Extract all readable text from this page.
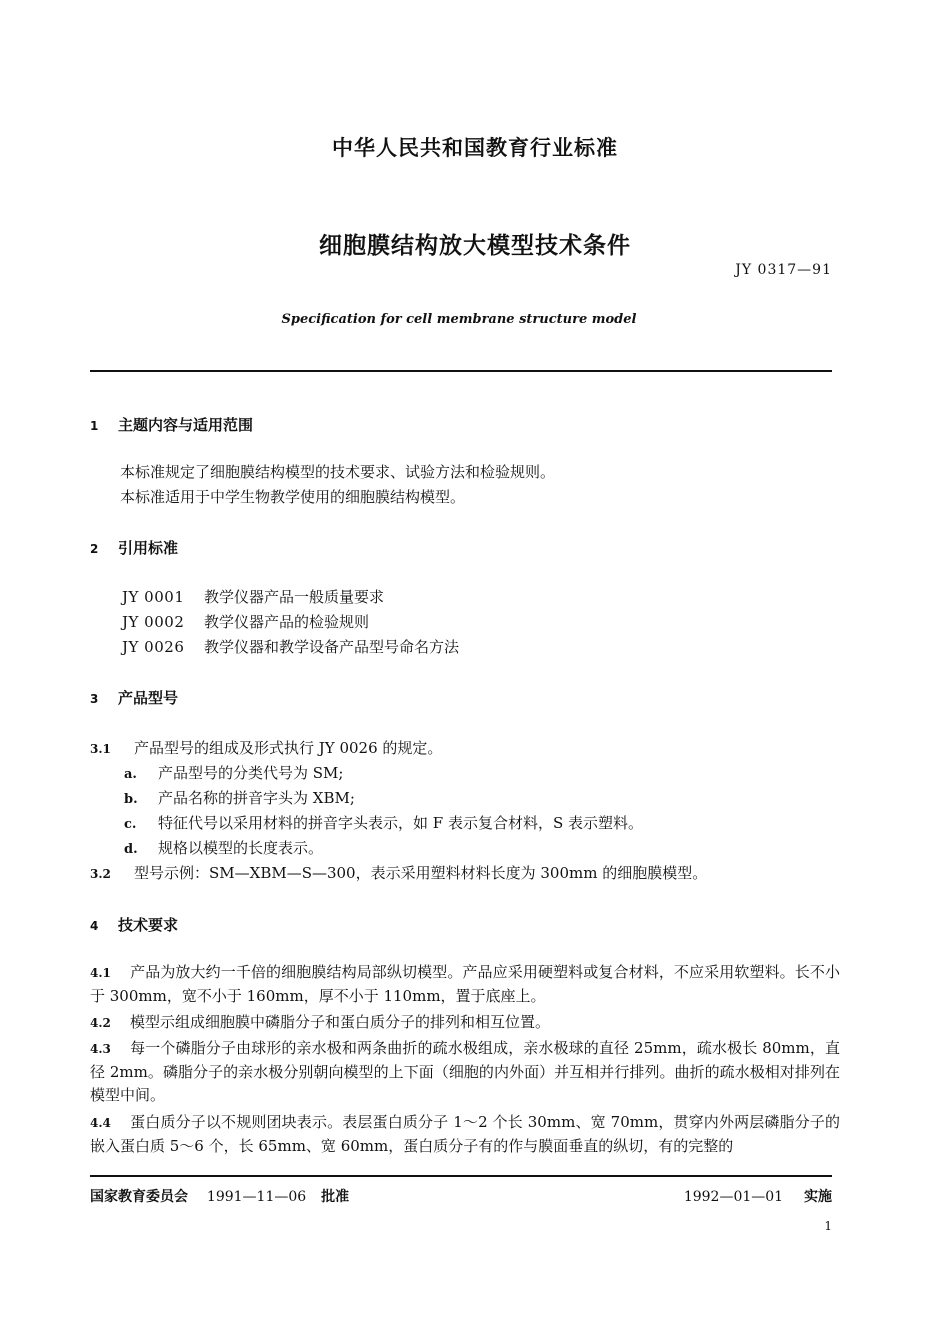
中华人民共和国教育行业标准
细胞膜结构放大模型技术条件
JY 0317—91
Specification for cell membrane structure model
1 主题内容与适用范围
本标准规定了细胞膜结构模型的技术要求、试验方法和检验规则。
本标准适用于中学生物教学使用的细胞膜结构模型。
2 引用标准
JY 0001 教学仪器产品一般质量要求
JY 0002 教学仪器产品的检验规则
JY 0026 教学仪器和教学设备产品型号命名方法
3 产品型号
3.1 产品型号的组成及形式执行 JY 0026 的规定。
a. 产品型号的分类代号为 SM;
b. 产品名称的拼音字头为 XBM;
c. 特征代号以采用材料的拼音字头表示，如 F 表示复合材料，S 表示塑料。
d. 规格以模型的长度表示。
3.2 型号示例：SM—XBM—S—300，表示采用塑料材料长度为 300mm 的细胞膜模型。
4 技术要求
4.1 产品为放大约一千倍的细胞膜结构局部纵切模型。产品应采用硬塑料或复合材料，不应采用软塑料。长不小于 300mm，宽不小于 160mm，厚不小于 110mm，置于底座上。
4.2 模型示组成细胞膜中磷脂分子和蛋白质分子的排列和相互位置。
4.3 每一个磷脂分子由球形的亲水极和两条曲折的疏水极组成，亲水极球的直径 25mm，疏水极长 80mm，直径 2mm。磷脂分子的亲水极分别朝向模型的上下面（细胞的内外面）并互相并行排列。曲折的疏水极相对排列在模型中间。
4.4 蛋白质分子以不规则团块表示。表层蛋白质分子 1～2 个长 30mm、宽 70mm，贯穿内外两层磷脂分子的嵌入蛋白质 5～6 个，长 65mm、宽 60mm，蛋白质分子有的作与膜面垂直的纵切，有的完整的
国家教育委员会 1991—11—06 批准	1992—01—01 实施
1
